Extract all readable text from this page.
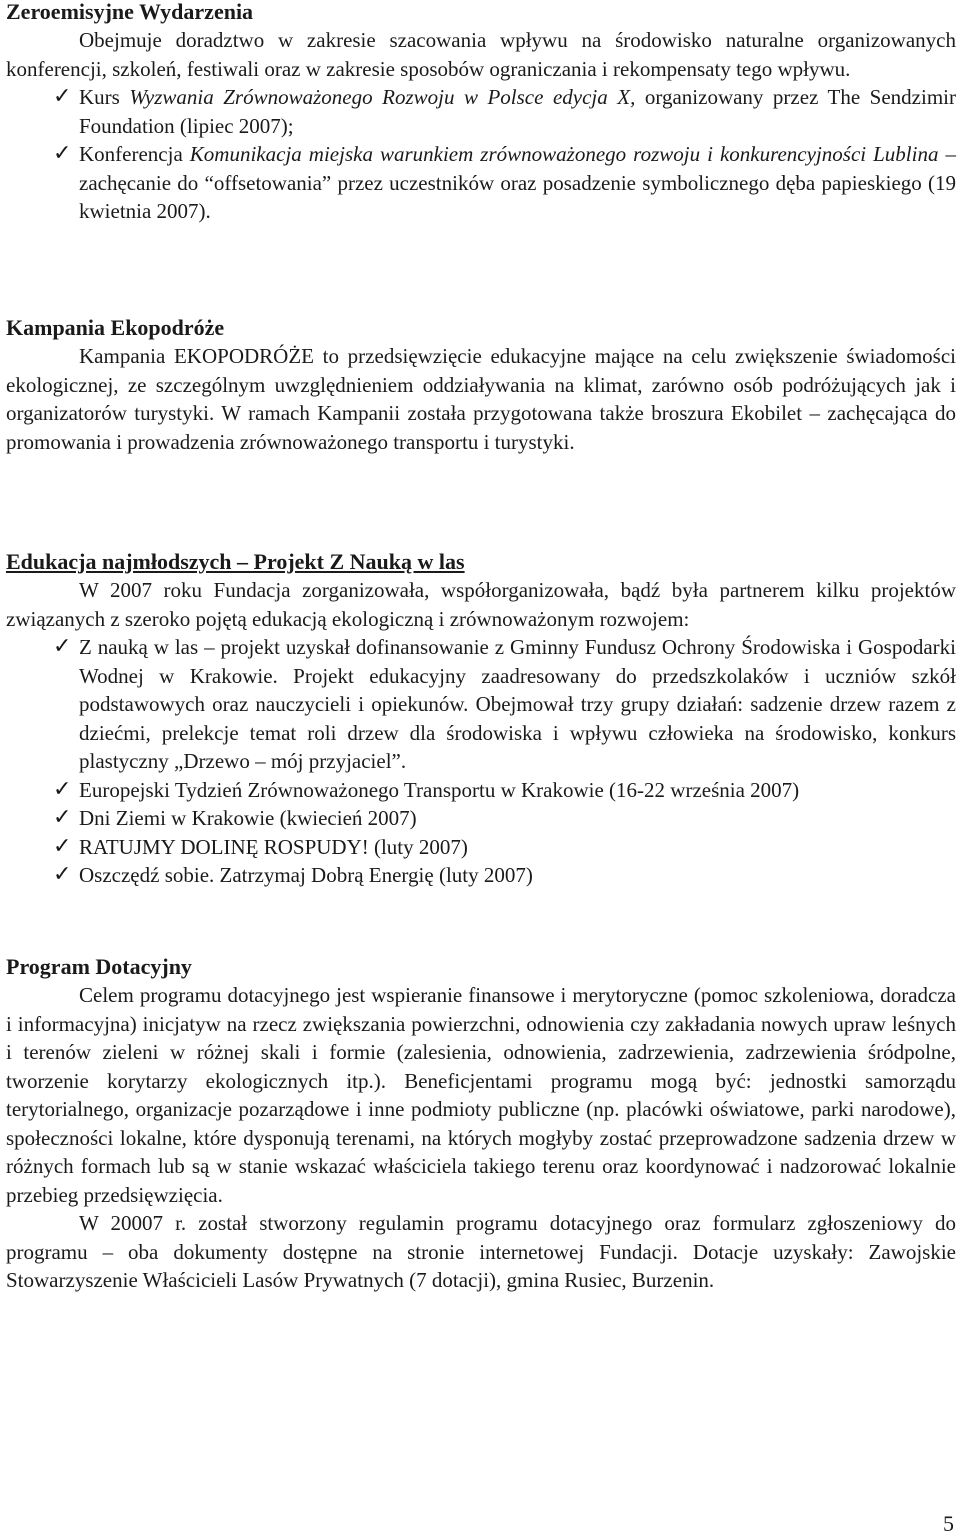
Zeroemisyjne Wydarzenia

Obejmuje doradztwo w zakresie szacowania wpływu na środowisko naturalne organizowanych konferencji, szkoleń, festiwali oraz w zakresie sposobów ograniczania i rekompensaty tego wpływu.

✓ Kurs Wyzwania Zrównoważonego Rozwoju w Polsce edycja X, organizowany przez The Sendzimir Foundation (lipiec 2007);
✓ Konferencja Komunikacja miejska warunkiem zrównoważonego rozwoju i konkurencyjności Lublina – zachęcanie do “offsetowania” przez uczestników oraz posadzenie symbolicznego dęba papieskiego (19 kwietnia 2007).
Kampania Ekopodróże

Kampania EKOPODRÓŻE to przedsięwzięcie edukacyjne mające na celu zwiększenie świadomości ekologicznej, ze szczególnym uwzględnieniem oddziaływania na klimat, zarówno osób podróżujących jak i organizatorów turystyki. W ramach Kampanii została przygotowana także broszura Ekobilet – zachęcająca do promowania i prowadzenia zrównoważonego transportu i turystyki.

Edukacja najmłodszych – Projekt Z Nauką w las

W 2007 roku Fundacja zorganizowała, współorganizowała, bądź była partnerem kilku projektów związanych z szeroko pojętą edukacją ekologiczną i zrównoważonym rozwojem:

✓ Z nauką w las – projekt uzyskał dofinansowanie z Gminny Fundusz Ochrony Środowiska i Gospodarki Wodnej w Krakowie. Projekt edukacyjny zaadresowany do przedszkolaków i uczniów szkół podstawowych oraz nauczycieli i opiekunów. Obejmował trzy grupy działań: sadzenie drzew razem z dziećmi, prelekcje temat roli drzew dla środowiska i wpływu człowieka na środowisko, konkurs plastyczny „Drzewo – mój przyjaciel”.
✓ Europejski Tydzień Zrównoważonego Transportu w Krakowie (16-22 września 2007)
✓ Dni Ziemi w Krakowie (kwiecień 2007)
✓ RATUJMY DOLINĘ ROSPUDY! (luty 2007)
✓ Oszczędź sobie. Zatrzymaj Dobrą Energię (luty 2007)
Program Dotacyjny

Celem programu dotacyjnego jest wspieranie finansowe i merytoryczne (pomoc szkoleniowa, doradcza i informacyjna) inicjatyw na rzecz zwiększania powierzchni, odnowienia czy zakładania nowych upraw leśnych i terenów zieleni w różnej skali i formie (zalesienia, odnowienia, zadrzewienia, zadrzewienia śródpolne, tworzenie korytarzy ekologicznych itp.). Beneficjentami programu mogą być: jednostki samorządu terytorialnego, organizacje pozarządowe i inne podmioty publiczne (np. placówki oświatowe, parki narodowe), społeczności lokalne, które dysponują terenami, na których mogłyby zostać przeprowadzone sadzenia drzew w różnych formach lub są w stanie wskazać właściciela takiego terenu oraz koordynować i nadzorować lokalnie przebieg przedsięwzięcia.

W 20007 r. został stworzony regulamin programu dotacyjnego oraz formularz zgłoszeniowy do programu – oba dokumenty dostępne na stronie internetowej Fundacji. Dotacje uzyskały: Zawojskie Stowarzyszenie Właścicieli Lasów Prywatnych (7 dotacji), gmina Rusiec, Burzenin.

5
